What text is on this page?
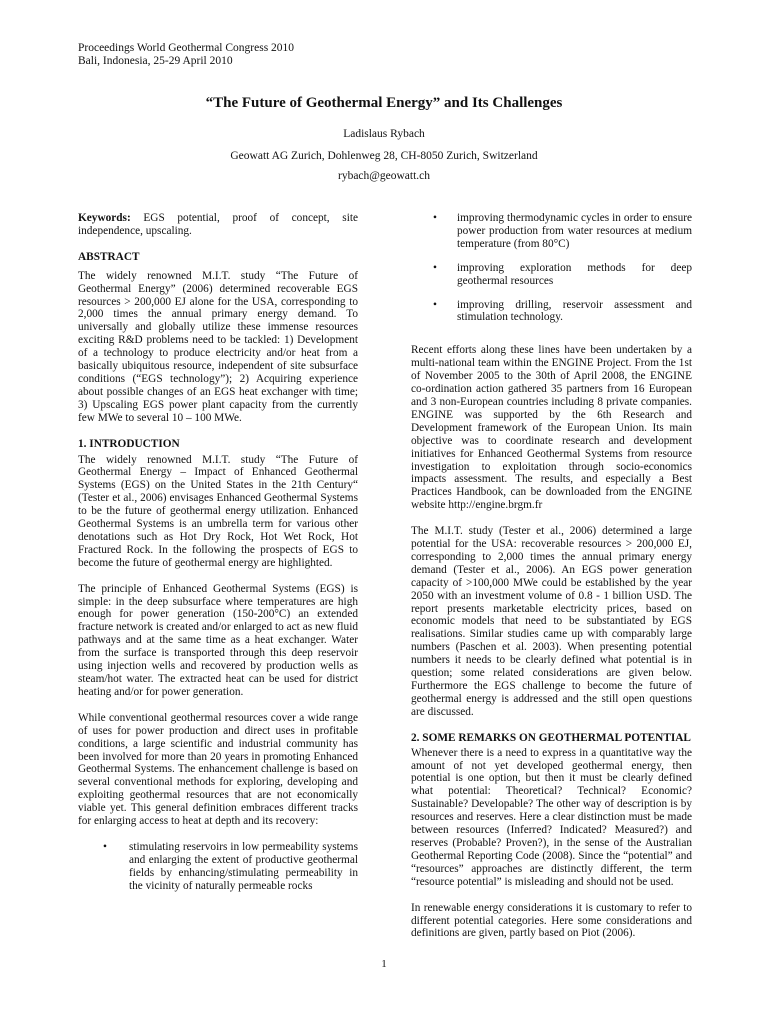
Proceedings World Geothermal Congress 2010
Bali, Indonesia, 25-29 April 2010
“The Future of Geothermal Energy” and Its Challenges
Ladislaus Rybach
Geowatt AG Zurich, Dohlenweg 28, CH-8050 Zurich, Switzerland
rybach@geowatt.ch

Keywords: EGS potential, proof of concept, site independence, upscaling.

ABSTRACT

The widely renowned M.I.T. study “The Future of Geothermal Energy” (2006) determined recoverable EGS resources > 200,000 EJ alone for the USA, corresponding to 2,000 times the annual primary energy demand. To universally and globally utilize these immense resources exciting R&D problems need to be tackled: 1) Development of a technology to produce electricity and/or heat from a basically ubiquitous resource, independent of site subsurface conditions (“EGS technology”); 2) Acquiring experience about possible changes of an EGS heat exchanger with time; 3) Upscaling EGS power plant capacity from the currently few MWe to several 10 – 100 MWe.

1. INTRODUCTION

The widely renowned M.I.T. study “The Future of Geothermal Energy – Impact of Enhanced Geothermal Systems (EGS) on the United States in the 21th Century“ (Tester et al., 2006) envisages Enhanced Geothermal Systems to be the future of geothermal energy utilization. Enhanced Geothermal Systems is an umbrella term for various other denotations such as Hot Dry Rock, Hot Wet Rock, Hot Fractured Rock. In the following the prospects of EGS to become the future of geothermal energy are highlighted.

The principle of Enhanced Geothermal Systems (EGS) is simple: in the deep subsurface where temperatures are high enough for power generation (150-200°C) an extended fracture network is created and/or enlarged to act as new fluid pathways and at the same time as a heat exchanger. Water from the surface is transported through this deep reservoir using injection wells and recovered by production wells as steam/hot water. The extracted heat can be used for district heating and/or for power generation.

While conventional geothermal resources cover a wide range of uses for power production and direct uses in profitable conditions, a large scientific and industrial community has been involved for more than 20 years in promoting Enhanced Geothermal Systems. The enhancement challenge is based on several conventional methods for exploring, developing and exploiting geothermal resources that are not economically viable yet. This general definition embraces different tracks for enlarging access to heat at depth and its recovery:

• stimulating reservoirs in low permeability systems and enlarging the extent of productive geothermal fields by enhancing/stimulating permeability in the vicinity of naturally permeable rocks
• improving thermodynamic cycles in order to ensure power production from water resources at medium temperature (from 80°C)
• improving exploration methods for deep geothermal resources
• improving drilling, reservoir assessment and stimulation technology.

Recent efforts along these lines have been undertaken by a multi-national team within the ENGINE Project. From the 1st of November 2005 to the 30th of April 2008, the ENGINE co-ordination action gathered 35 partners from 16 European and 3 non-European countries including 8 private companies. ENGINE was supported by the 6th Research and Development framework of the European Union. Its main objective was to coordinate research and development initiatives for Enhanced Geothermal Systems from resource investigation to exploitation through socio-economics impacts assessment. The results, and especially a Best Practices Handbook, can be downloaded from the ENGINE website http://engine.brgm.fr

The M.I.T. study (Tester et al., 2006) determined a large potential for the USA: recoverable resources > 200,000 EJ, corresponding to 2,000 times the annual primary energy demand (Tester et al., 2006). An EGS power generation capacity of >100,000 MWe could be established by the year 2050 with an investment volume of 0.8 - 1 billion USD. The report presents marketable electricity prices, based on economic models that need to be substantiated by EGS realisations. Similar studies came up with comparably large numbers (Paschen et al. 2003). When presenting potential numbers it needs to be clearly defined what potential is in question; some related considerations are given below. Furthermore the EGS challenge to become the future of geothermal energy is addressed and the still open questions are discussed.

2. SOME REMARKS ON GEOTHERMAL POTENTIAL

Whenever there is a need to express in a quantitative way the amount of not yet developed geothermal energy, then potential is one option, but then it must be clearly defined what potential: Theoretical? Technical? Economic? Sustainable? Developable? The other way of description is by resources and reserves. Here a clear distinction must be made between resources (Inferred? Indicated? Measured?) and reserves (Probable? Proven?), in the sense of the Australian Geothermal Reporting Code (2008). Since the “potential” and “resources” approaches are distinctly different, the term “resource potential” is misleading and should not be used.

In renewable energy considerations it is customary to refer to different potential categories. Here some considerations and definitions are given, partly based on Piot (2006).

1
